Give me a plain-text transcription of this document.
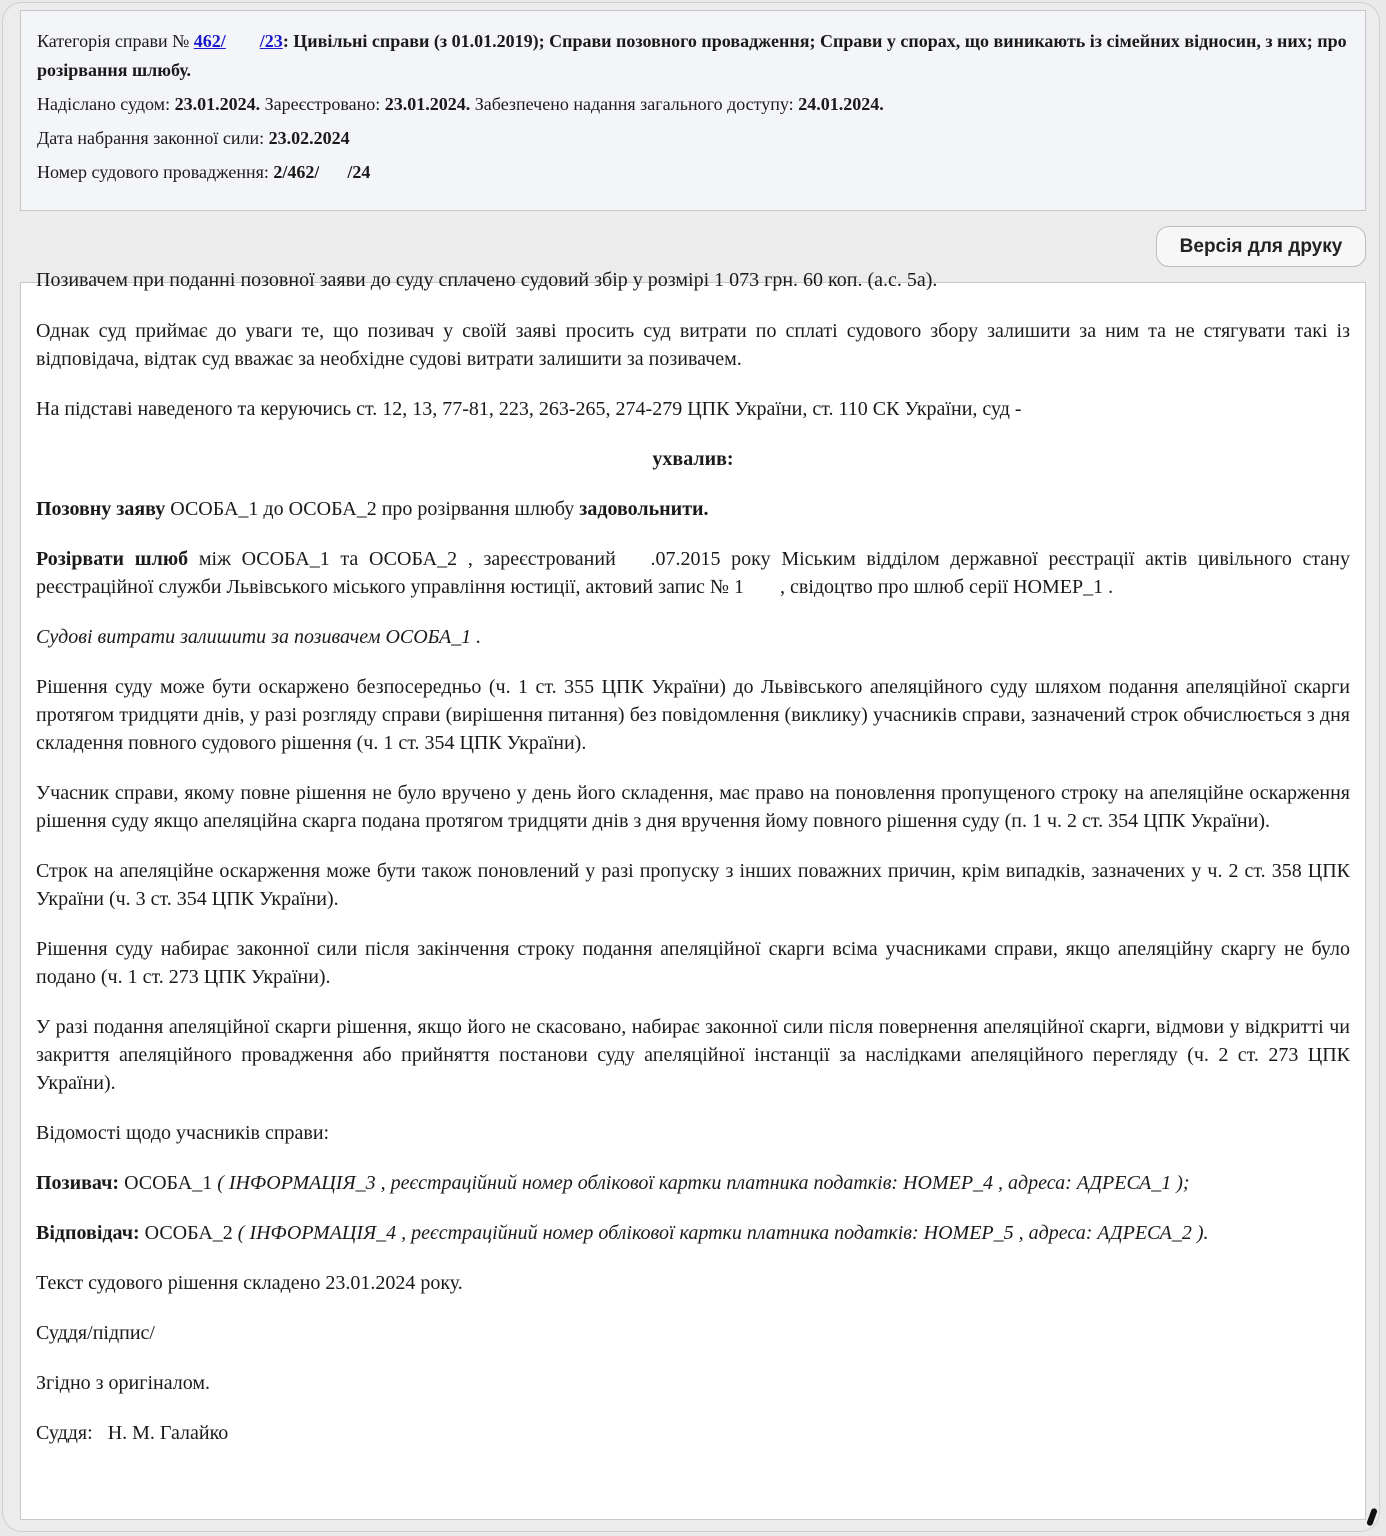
Категорія справи № 462/ /23: Цивільні справи (з 01.01.2019); Справи позовного провадження; Справи у спорах, що виникають із сімейних відносин, з них; про розірвання шлюбу.

Надіслано судом: 23.01.2024. Зареєстровано: 23.01.2024. Забезпечено надання загального доступу: 24.01.2024.

Дата набрання законної сили: 23.02.2024

Номер судового провадження: 2/462/ /24

Версія для друку
Позивачем при поданні позовної заяви до суду сплачено судовий збір у розмірі 1 073 грн. 60 коп. (а.с. 5а).

Однак суд приймає до уваги те, що позивач у своїй заяві просить суд витрати по сплаті судового збору залишити за ним та не стягувати такі із відповідача, відтак суд вважає за необхідне судові витрати залишити за позивачем.

На підставі наведеного та керуючись ст. 12, 13, 77-81, 223, 263-265, 274-279 ЦПК України, ст. 110 СК України, суд -

ухвалив:

Позовну заяву ОСОБА_1 до ОСОБА_2 про розірвання шлюбу задовольнити.

Розірвати шлюб між ОСОБА_1 та ОСОБА_2 , зареєстрований .07.2015 року Міським відділом державної реєстрації актів цивільного стану реєстраційної служби Львівського міського управління юстиції, актовий запис № 1 , свідоцтво про шлюб серії НОМЕР_1 .

Судові витрати залишити за позивачем ОСОБА_1 .

Рішення суду може бути оскаржено безпосередньо (ч. 1 ст. 355 ЦПК України) до Львівського апеляційного суду шляхом подання апеляційної скарги протягом тридцяти днів, у разі розгляду справи (вирішення питання) без повідомлення (виклику) учасників справи, зазначений строк обчислюється з дня складення повного судового рішення (ч. 1 ст. 354 ЦПК України).

Учасник справи, якому повне рішення не було вручено у день його складення, має право на поновлення пропущеного строку на апеляційне оскарження рішення суду якщо апеляційна скарга подана протягом тридцяти днів з дня вручення йому повного рішення суду (п. 1 ч. 2 ст. 354 ЦПК України).

Строк на апеляційне оскарження може бути також поновлений у разі пропуску з інших поважних причин, крім випадків, зазначених у ч. 2 ст. 358 ЦПК України (ч. 3 ст. 354 ЦПК України).

Рішення суду набирає законної сили після закінчення строку подання апеляційної скарги всіма учасниками справи, якщо апеляційну скаргу не було подано (ч. 1 ст. 273 ЦПК України).

У разі подання апеляційної скарги рішення, якщо його не скасовано, набирає законної сили після повернення апеляційної скарги, відмови у відкритті чи закриття апеляційного провадження або прийняття постанови суду апеляційної інстанції за наслідками апеляційного перегляду (ч. 2 ст. 273 ЦПК України).

Відомості щодо учасників справи:

Позивач: ОСОБА_1 ( ІНФОРМАЦІЯ_3 , реєстраційний номер облікової картки платника податків: НОМЕР_4 , адреса: АДРЕСА_1 );

Відповідач: ОСОБА_2 ( ІНФОРМАЦІЯ_4 , реєстраційний номер облікової картки платника податків: НОМЕР_5 , адреса: АДРЕСА_2 ).

Текст судового рішення складено 23.01.2024 року.

Суддя/підпис/

Згідно з оригіналом.

Суддя: Н. М. Галайко
